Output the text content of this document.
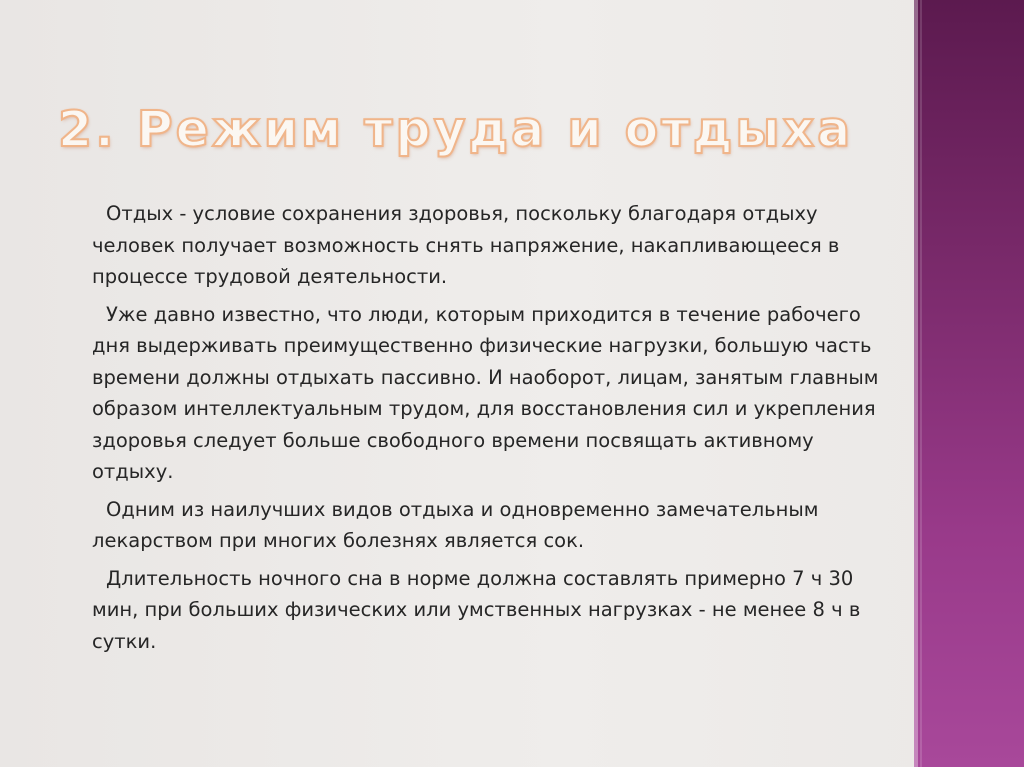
2. Режим труда и отдыха

Отдых - условие сохранения здоровья, поскольку благодаря отдыху человек получает возможность снять напряжение, накапливающееся в процессе трудовой деятельности.

Уже давно известно, что люди, которым приходится в течение рабочего дня выдерживать преимущественно физические нагрузки, большую часть времени должны отдыхать пассивно. И наоборот, лицам, занятым главным образом интеллектуальным трудом, для восстановления сил и укрепления здоровья следует больше свободного времени посвящать активному отдыху.

Одним из наилучших видов отдыха и одновременно замечательным лекарством при многих болезнях является сок.

Длительность ночного сна в норме должна составлять примерно 7 ч 30 мин, при больших физических или умственных нагрузках - не менее 8 ч в сутки.
